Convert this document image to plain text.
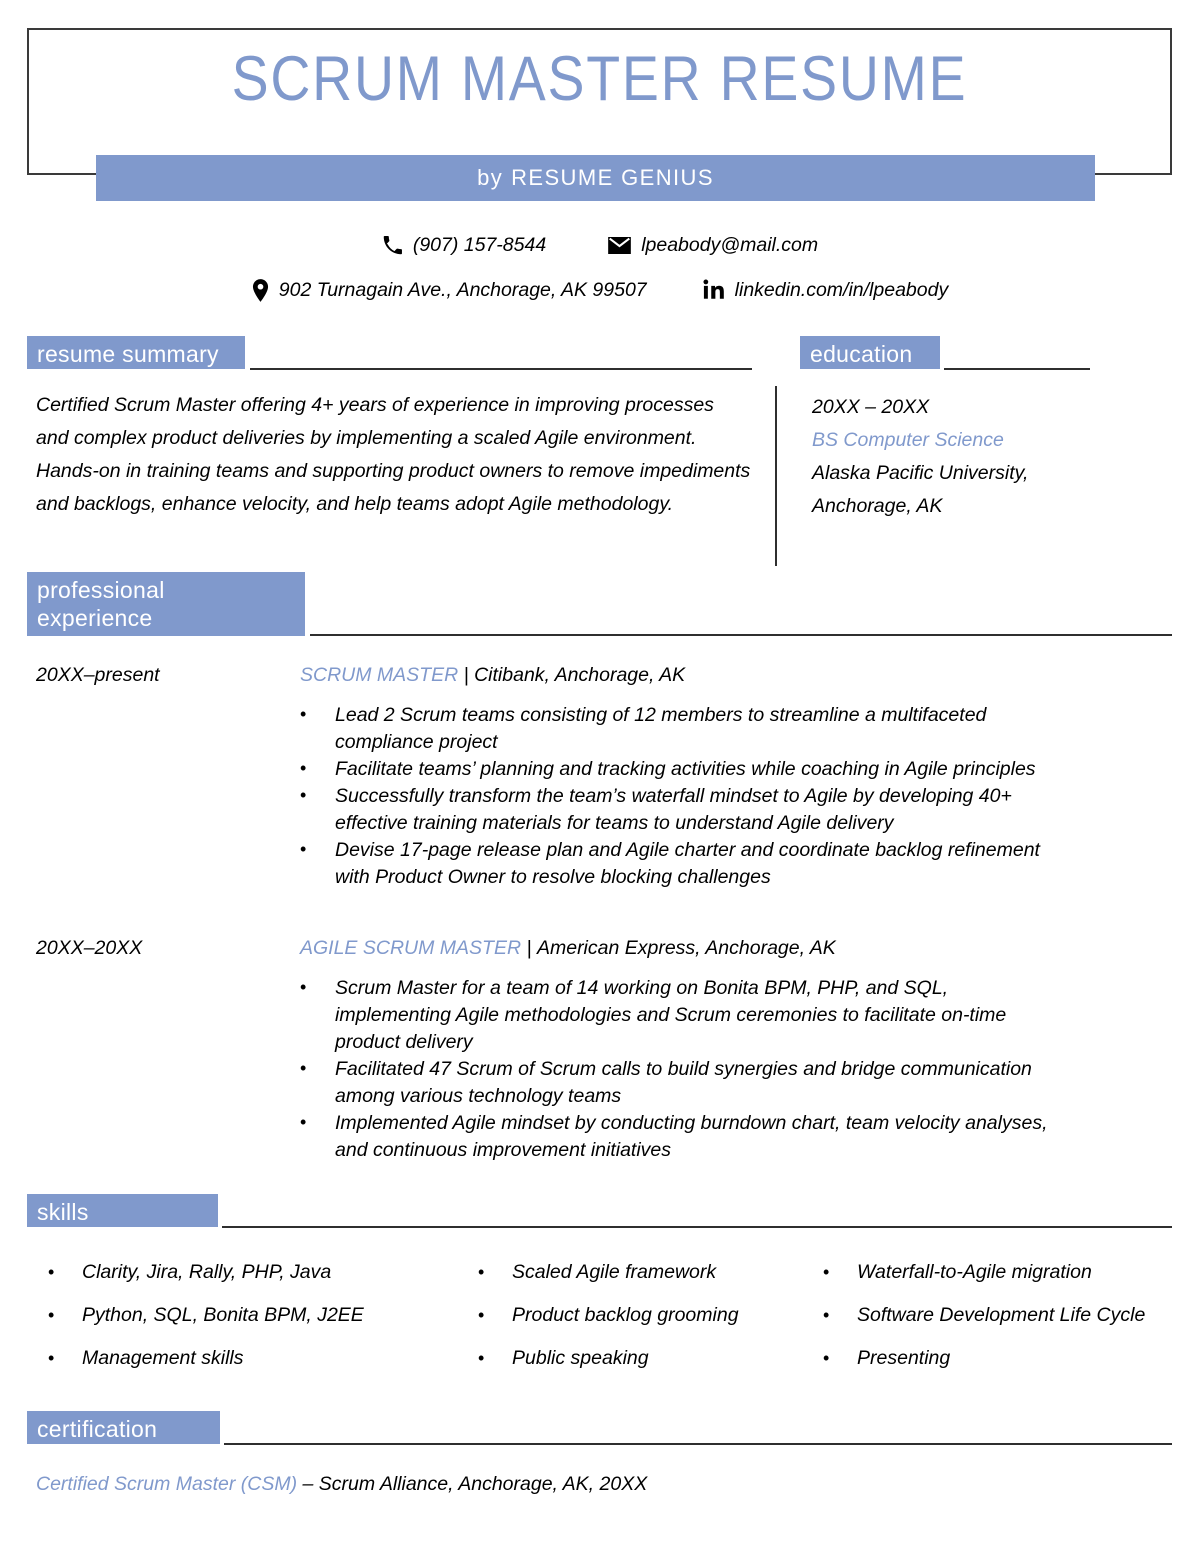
SCRUM MASTER RESUME
by RESUME GENIUS
(907) 157-8544	lpeabody@mail.com
902 Turnagain Ave., Anchorage, AK 99507	linkedin.com/in/lpeabody
resume summary
Certified Scrum Master offering 4+ years of experience in improving processes and complex product deliveries by implementing a scaled Agile environment. Hands-on in training teams and supporting product owners to remove impediments and backlogs, enhance velocity, and help teams adopt Agile methodology.
education
20XX – 20XX
BS Computer Science
Alaska Pacific University,
Anchorage, AK
professional
experience
20XX–present	SCRUM MASTER | Citibank, Anchorage, AK
• Lead 2 Scrum teams consisting of 12 members to streamline a multifaceted compliance project
• Facilitate teams’ planning and tracking activities while coaching in Agile principles
• Successfully transform the team’s waterfall mindset to Agile by developing 40+ effective training materials for teams to understand Agile delivery
• Devise 17-page release plan and Agile charter and coordinate backlog refinement with Product Owner to resolve blocking challenges
20XX–20XX	AGILE SCRUM MASTER | American Express, Anchorage, AK
• Scrum Master for a team of 14 working on Bonita BPM, PHP, and SQL, implementing Agile methodologies and Scrum ceremonies to facilitate on-time product delivery
• Facilitated 47 Scrum of Scrum calls to build synergies and bridge communication among various technology teams
• Implemented Agile mindset by conducting burndown chart, team velocity analyses, and continuous improvement initiatives
skills
• Clarity, Jira, Rally, PHP, Java	• Scaled Agile framework	• Waterfall-to-Agile migration
• Python, SQL, Bonita BPM, J2EE	• Product backlog grooming	• Software Development Life Cycle
• Management skills	• Public speaking	• Presenting
certification
Certified Scrum Master (CSM) – Scrum Alliance, Anchorage, AK, 20XX
